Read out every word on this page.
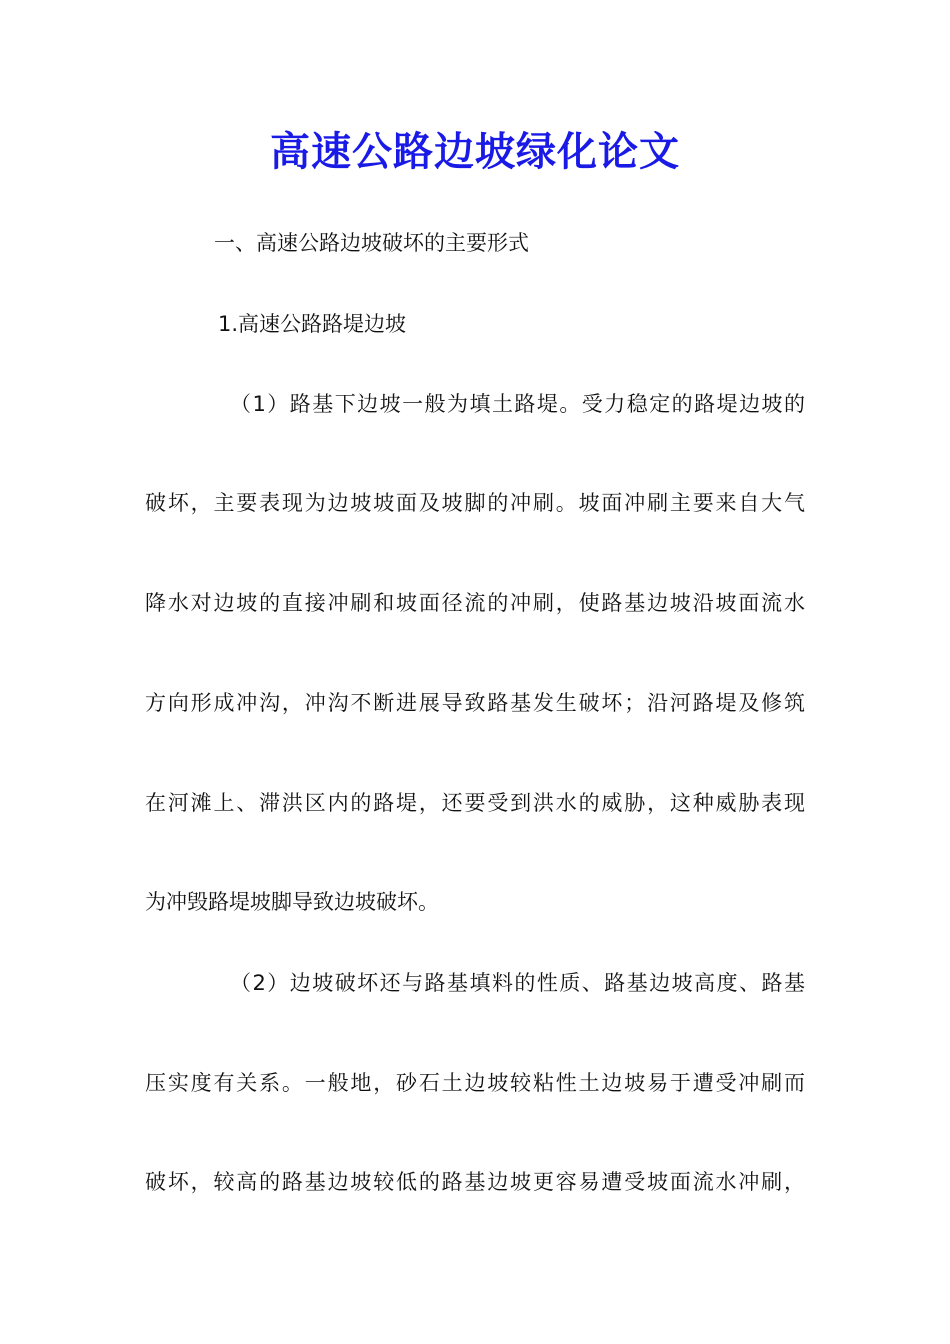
高速公路边坡绿化论文
一、高速公路边坡破坏的主要形式
1.高速公路路堤边坡
（1）路基下边坡一般为填土路堤。受力稳定的路堤边坡的
破坏，主要表现为边坡坡面及坡脚的冲刷。坡面冲刷主要来自大气
降水对边坡的直接冲刷和坡面径流的冲刷，使路基边坡沿坡面流水
方向形成冲沟，冲沟不断进展导致路基发生破坏；沿河路堤及修筑
在河滩上、滞洪区内的路堤，还要受到洪水的威胁，这种威胁表现
为冲毁路堤坡脚导致边坡破坏。
（2）边坡破坏还与路基填料的性质、路基边坡高度、路基
压实度有关系。一般地，砂石土边坡较粘性土边坡易于遭受冲刷而
破坏，较高的路基边坡较低的路基边坡更容易遭受坡面流水冲刷，
